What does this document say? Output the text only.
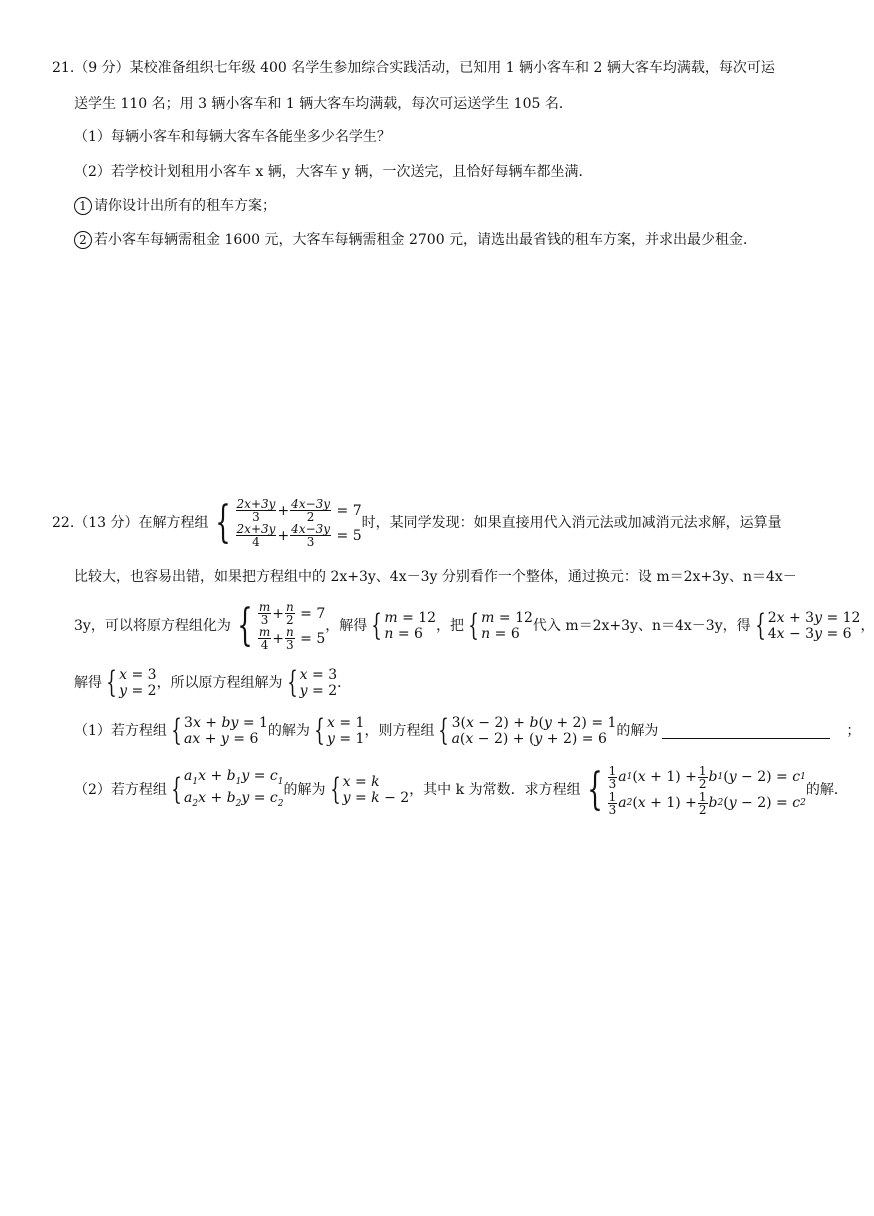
21.（9 分）某校准备组织七年级 400 名学生参加综合实践活动，已知用 1 辆小客车和 2 辆大客车均满载，每次可运
送学生 110 名；用 3 辆小客车和 1 辆大客车均满载，每次可运送学生 105 名．
（1）每辆小客车和每辆大客车各能坐多少名学生？
（2）若学校计划租用小客车 x 辆，大客车 y 辆，一次送完，且恰好每辆车都坐满．
1 请你设计出所有的租车方案；
2 若小客车每辆需租金 1600 元，大客车每辆需租金 2700 元，请选出最省钱的租车方案，并求出最少租金．
22.（13 分）在解方程组 { $\frac{2x+3y}{3} + \frac{4x-3y}{2} = 7$
$\frac{2x+3y}{4} + \frac{4x-3y}{3} = 5$
时，某同学发现：如果直接用代入消元法或加减消元法求解，运算量
比较大，也容易出错，如果把方程组中的 2x+3y、4x－3y 分别看作一个整体，通过换元：设 m＝2x+3y、n＝4x－
3y，可以将原方程组化为 { $\frac{m}{3} + \frac{n}{2} = 7$
$\frac{m}{4} + \frac{n}{3} = 5$
，解得 { m = 12
n = 6 ，把 { m = 12
n = 6 代入 m＝2x+3y、n＝4x－3y，得 { 2x + 3y = 12
4x − 3y = 6 ，
解得 { x = 3
y = 2 ，所以原方程组解为 { x = 3
y = 2 ．
（1）若方程组 { 3x + by = 1
ax + y = 6 的解为 { x = 1
y = 1 ，则方程组 { 3(x − 2) + b(y + 2) = 1
a(x − 2) + (y + 2) = 6 的解为	；
（2）若方程组 { $a_1x + b_1y = c_1$
$a_2x + b_2y = c_2$
的解为 { x = k
y = k − 2 ，其中 k 为常数．求方程组 { $\frac{1}{3}$ a 1 ( $x + 1) + \frac{1}{2}$ b 1 ( y − 2) = c 1
$\frac{1}{3}$ a 2 ( $x + 1) + \frac{1}{2}$ b 2 ( y − 2) = c 2
的解．
